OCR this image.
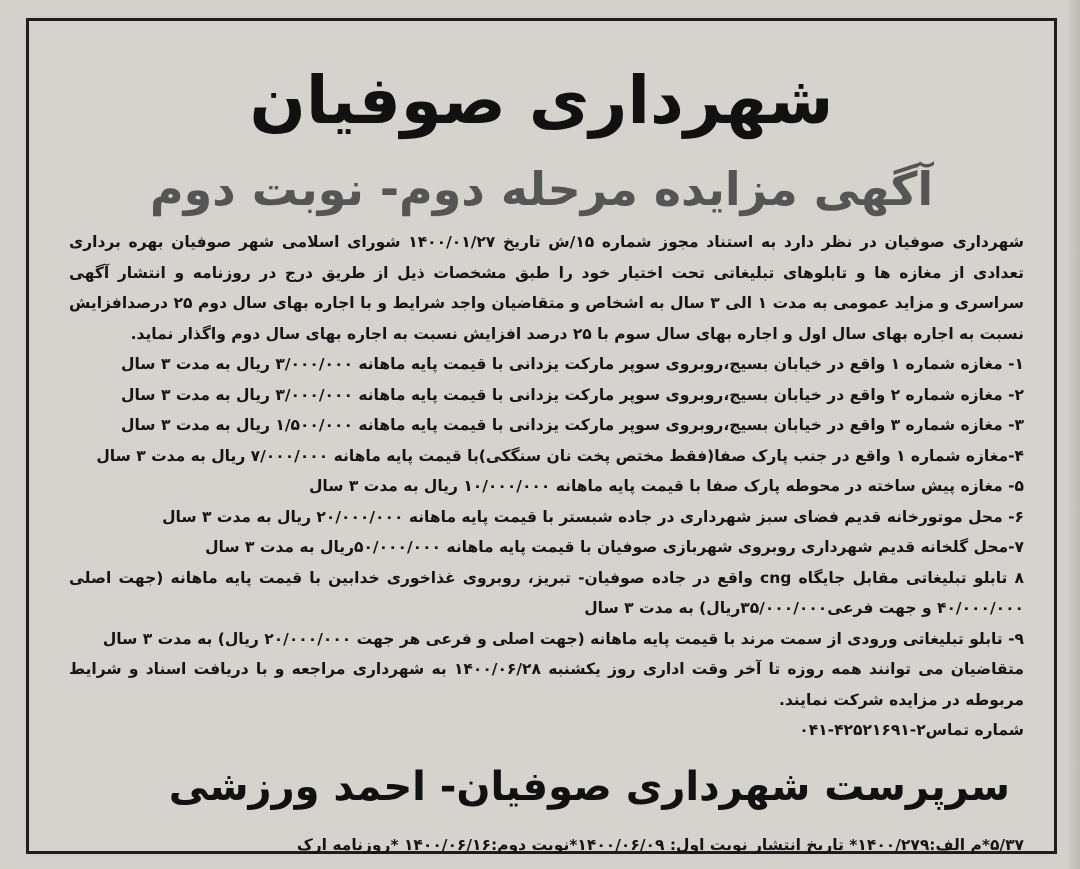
شهرداری صوفیان
آگهی مزایده مرحله دوم- نوبت دوم

شهرداری صوفیان در نظر دارد به استناد مجوز شماره ۱۵/ش تاریخ ۱۴۰۰/۰۱/۲۷ شورای اسلامی شهر صوفیان بهره برداری تعدادی از مغازه ها و تابلوهای تبلیغاتی تحت اختیار خود را طبق مشخصات ذیل از طریق درج در روزنامه و انتشار آگهی سراسری و مزاید عمومی به مدت ۱ الی ۳ سال به اشخاص و متقاضیان واجد شرایط و با اجاره بهای سال دوم ۲۵ درصدافزایش نسبت به اجاره بهای سال اول و اجاره بهای سال سوم با ۲۵ درصد افزایش نسبت به اجاره بهای سال دوم واگذار نماید.

۱- مغازه شماره ۱ واقع در خیابان بسیج،روبروی سوپر مارکت یزدانی با قیمت پایه ماهانه ۳/۰۰۰/۰۰۰ ریال به مدت ۳ سال

۲- مغازه شماره ۲ واقع در خیابان بسیج،روبروی سوپر مارکت یزدانی با قیمت پایه ماهانه ۳/۰۰۰/۰۰۰ ریال به مدت ۳ سال

۳- مغازه شماره ۳ واقع در خیابان بسیج،روبروی سوپر مارکت یزدانی با قیمت پایه ماهانه ۱/۵۰۰/۰۰۰ ریال به مدت ۳ سال

۴-مغازه شماره ۱ واقع در جنب پارک صفا(فقط مختص پخت نان سنگکی)با قیمت پایه ماهانه ۷/۰۰۰/۰۰۰ ریال به مدت ۳ سال

۵- مغازه پیش ساخته در محوطه پارک صفا با قیمت پایه ماهانه ۱۰/۰۰۰/۰۰۰ ریال به مدت ۳ سال

۶- محل موتورخانه قدیم فضای سبز شهرداری در جاده شبستر با قیمت پایه ماهانه ۲۰/۰۰۰/۰۰۰ ریال به مدت ۳ سال

۷-محل گلخانه قدیم شهرداری روبروی شهربازی صوفیان با قیمت پایه ماهانه ۵۰/۰۰۰/۰۰۰ریال به مدت ۳ سال

۸ تابلو تبلیغاتی مقابل جایگاه cng واقع در جاده صوفیان- تبریز، روبروی غذاخوری خدابین با قیمت پایه ماهانه (جهت اصلی ۴۰/۰۰۰/۰۰۰ و جهت فرعی۳۵/۰۰۰/۰۰۰ریال) به مدت ۳ سال

۹- تابلو تبلیغاتی ورودی از سمت مرند با قیمت پایه ماهانه (جهت اصلی و فرعی هر جهت ۲۰/۰۰۰/۰۰۰ ریال) به مدت ۳ سال

متقاضیان می توانند همه روزه تا آخر وقت اداری روز یکشنبه ۱۴۰۰/۰۶/۲۸ به شهرداری مراجعه و با دریافت اسناد و شرایط مربوطه در مزایده شرکت نمایند.

شماره تماس۲-۴۲۵۲۱۶۹۱-۰۴۱

سرپرست شهرداری صوفیان- احمد ورزشی
۵/۳۷*م الف:۱۴۰۰/۲۷۹* تاریخ انتشار نوبت اول: ۱۴۰۰/۰۶/۰۹*نوبت دوم:۱۴۰۰/۰۶/۱۶ *روزنامه ارک
